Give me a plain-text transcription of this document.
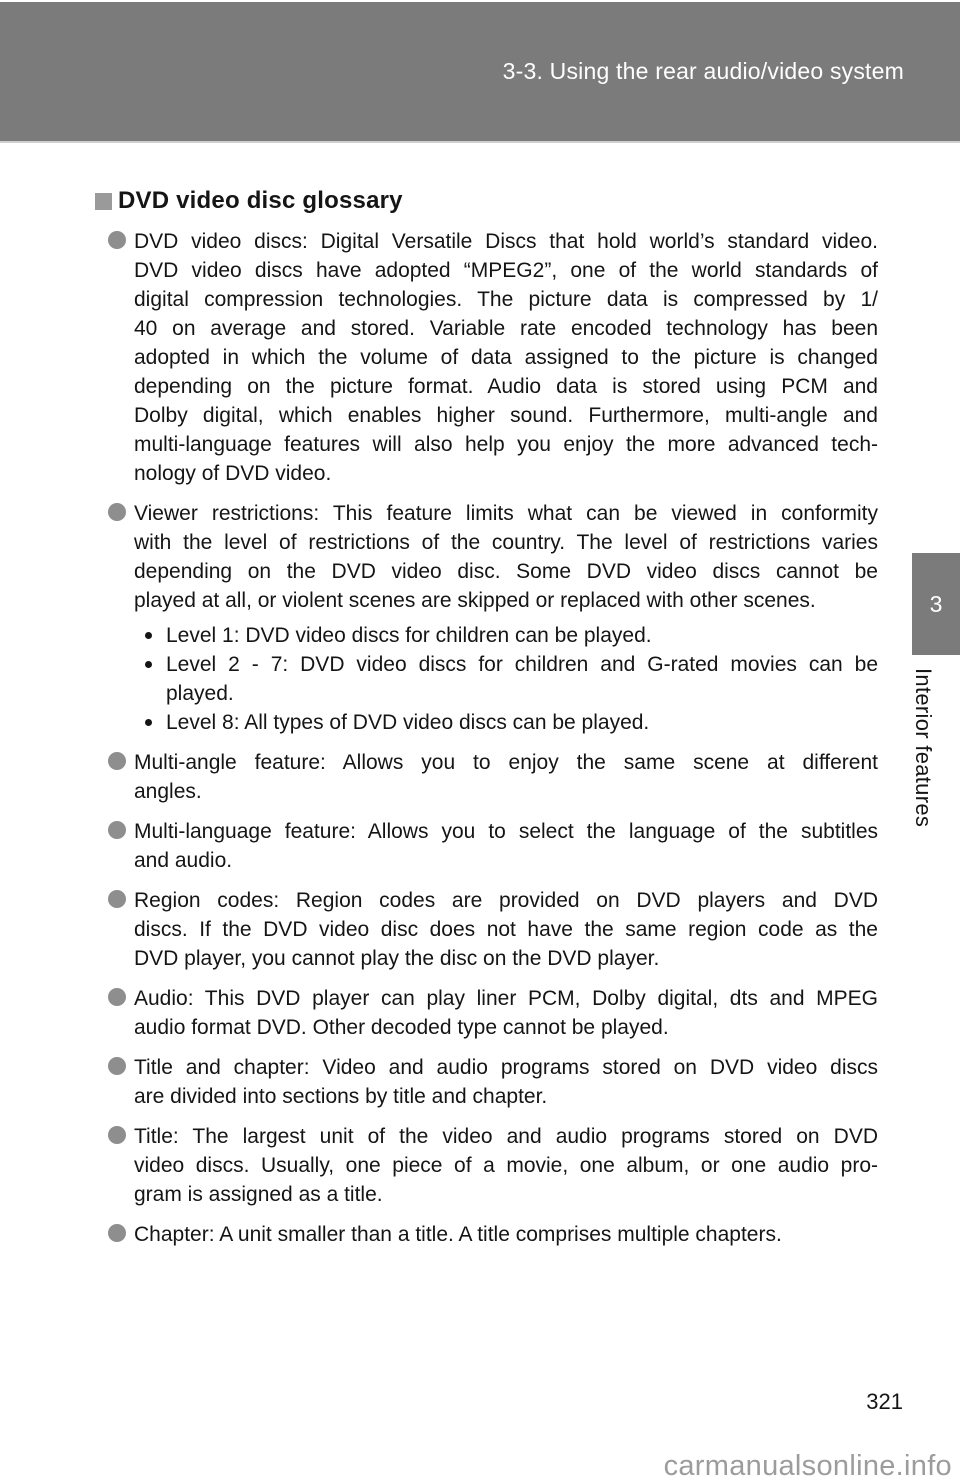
3-3. Using the rear audio/video system
DVD video disc glossary
DVD video discs: Digital Versatile Discs that hold world’s standard video.
DVD video discs have adopted “MPEG2”, one of the world standards of
digital compression technologies. The picture data is compressed by 1/
40 on average and stored. Variable rate encoded technology has been
adopted in which the volume of data assigned to the picture is changed
depending on the picture format. Audio data is stored using PCM and
Dolby digital, which enables higher sound. Furthermore, multi-angle and
multi-language features will also help you enjoy the more advanced tech-
nology of DVD video.
Viewer restrictions: This feature limits what can be viewed in conformity
with the level of restrictions of the country. The level of restrictions varies
depending on the DVD video disc. Some DVD video discs cannot be
played at all, or violent scenes are skipped or replaced with other scenes.
Level 1: DVD video discs for children can be played.
Level 2 - 7: DVD video discs for children and G-rated movies can be
played.
Level 8: All types of DVD video discs can be played.
Multi-angle feature: Allows you to enjoy the same scene at different
angles.
Multi-language feature: Allows you to select the language of the subtitles
and audio.
Region codes: Region codes are provided on DVD players and DVD
discs. If the DVD video disc does not have the same region code as the
DVD player, you cannot play the disc on the DVD player.
Audio: This DVD player can play liner PCM, Dolby digital, dts and MPEG
audio format DVD. Other decoded type cannot be played.
Title and chapter: Video and audio programs stored on DVD video discs
are divided into sections by title and chapter.
Title: The largest unit of the video and audio programs stored on DVD
video discs. Usually, one piece of a movie, one album, or one audio pro-
gram is assigned as a title.
Chapter: A unit smaller than a title. A title comprises multiple chapters.
3
Interior features
321
carmanualsonline.info
